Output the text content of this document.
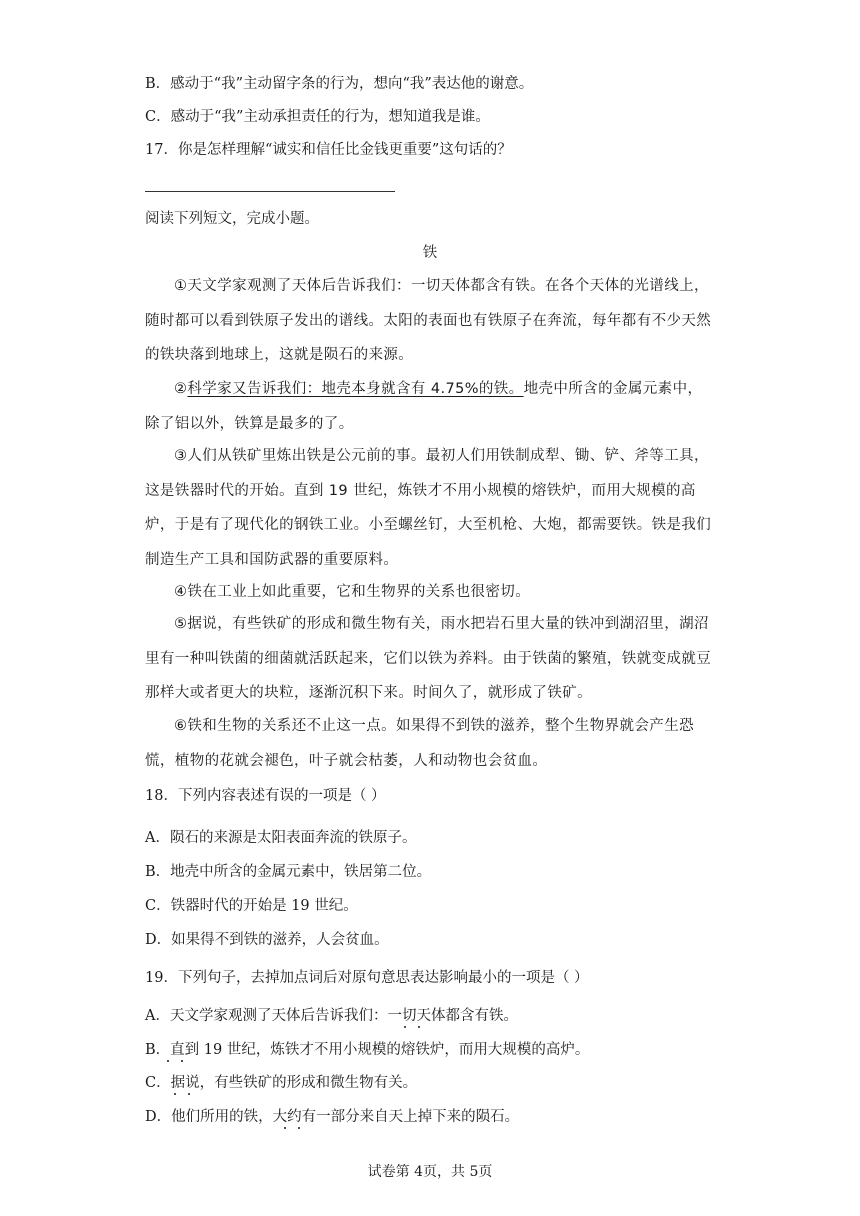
B．感动于“我”主动留字条的行为，想向“我”表达他的谢意。
C．感动于“我”主动承担责任的行为，想知道我是谁。
17．你是怎样理解“诚实和信任比金钱更重要”这句话的？
阅读下列短文，完成小题。
铁
①天文学家观测了天体后告诉我们：一切天体都含有铁。在各个天体的光谱线上，随时都可以看到铁原子发出的谱线。太阳的表面也有铁原子在奔流，每年都有不少天然的铁块落到地球上，这就是陨石的来源。
②科学家又告诉我们：地壳本身就含有 4.75%的铁。地壳中所含的金属元素中，除了铝以外，铁算是最多的了。
③人们从铁矿里炼出铁是公元前的事。最初人们用铁制成犁、锄、铲、斧等工具，这是铁器时代的开始。直到 19 世纪，炼铁才不用小规模的熔铁炉，而用大规模的高炉，于是有了现代化的钢铁工业。小至螺丝钉，大至机枪、大炮，都需要铁。铁是我们制造生产工具和国防武器的重要原料。
④铁在工业上如此重要，它和生物界的关系也很密切。
⑤据说，有些铁矿的形成和微生物有关，雨水把岩石里大量的铁冲到湖沼里，湖沼里有一种叫铁菌的细菌就活跃起来，它们以铁为养料。由于铁菌的繁殖，铁就变成就豆那样大或者更大的块粒，逐渐沉积下来。时间久了，就形成了铁矿。
⑥铁和生物的关系还不止这一点。如果得不到铁的滋养，整个生物界就会产生恐慌，植物的花就会褪色，叶子就会枯萎，人和动物也会贫血。
18．下列内容表述有误的一项是（ ）
A．陨石的来源是太阳表面奔流的铁原子。
B．地壳中所含的金属元素中，铁居第二位。
C．铁器时代的开始是 19 世纪。
D．如果得不到铁的滋养，人会贫血。
19．下列句子，去掉加点词后对原句意思表达影响最小的一项是（ ）
A．天文学家观测了天体后告诉我们：一切天体都含有铁。
B．直到 19 世纪，炼铁才不用小规模的熔铁炉，而用大规模的高炉。
C．据说，有些铁矿的形成和微生物有关。
D．他们所用的铁，大约有一部分来自天上掉下来的陨石。
试卷第 4页，共 5页
